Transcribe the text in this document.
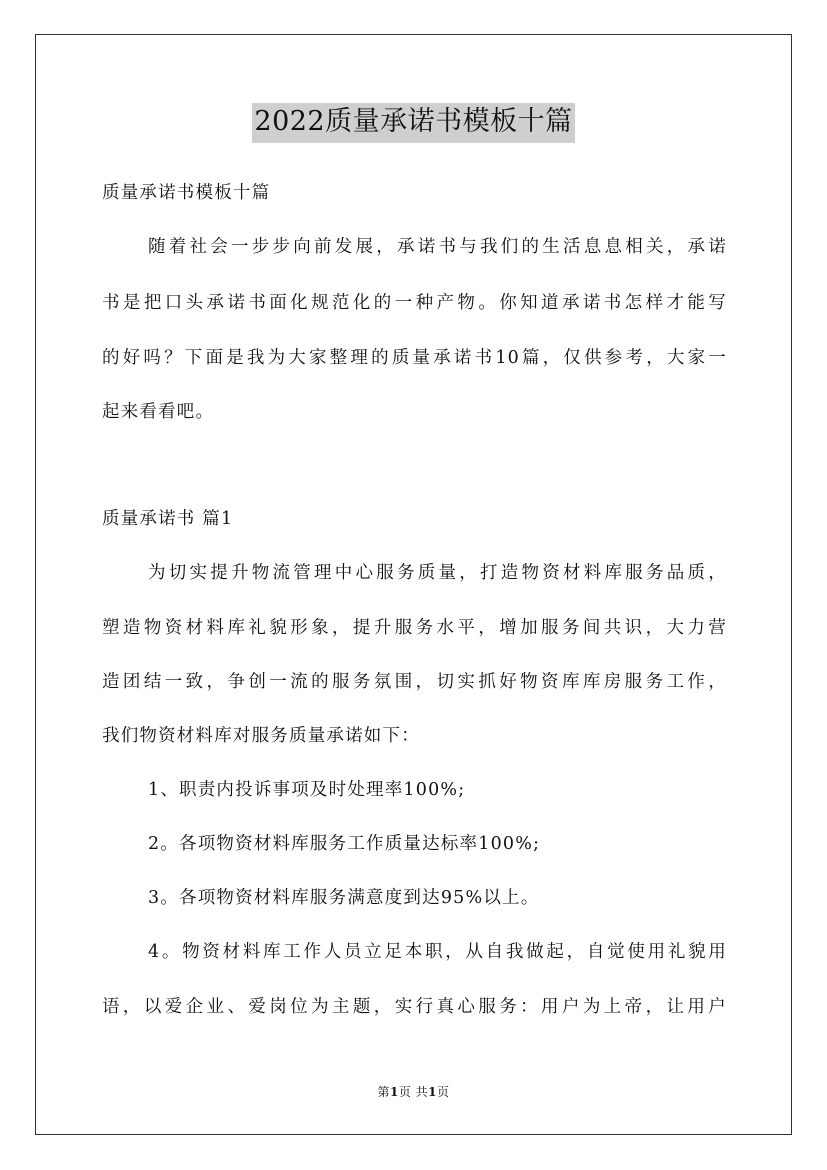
2022质量承诺书模板十篇
质量承诺书模板十篇
随着社会一步步向前发展，承诺书与我们的生活息息相关，承诺
书是把口头承诺书面化规范化的一种产物。你知道承诺书怎样才能写
的好吗？下面是我为大家整理的质量承诺书10篇，仅供参考，大家一
起来看看吧。
质量承诺书 篇1
为切实提升物流管理中心服务质量，打造物资材料库服务品质，
塑造物资材料库礼貌形象，提升服务水平，增加服务间共识，大力营
造团结一致，争创一流的服务氛围，切实抓好物资库库房服务工作，
我们物资材料库对服务质量承诺如下：
1、职责内投诉事项及时处理率100%;
2。各项物资材料库服务工作质量达标率100%;
3。各项物资材料库服务满意度到达95%以上。
4。物资材料库工作人员立足本职，从自我做起，自觉使用礼貌用
语，以爱企业、爱岗位为主题，实行真心服务：用户为上帝，让用户
第1页 共1页
